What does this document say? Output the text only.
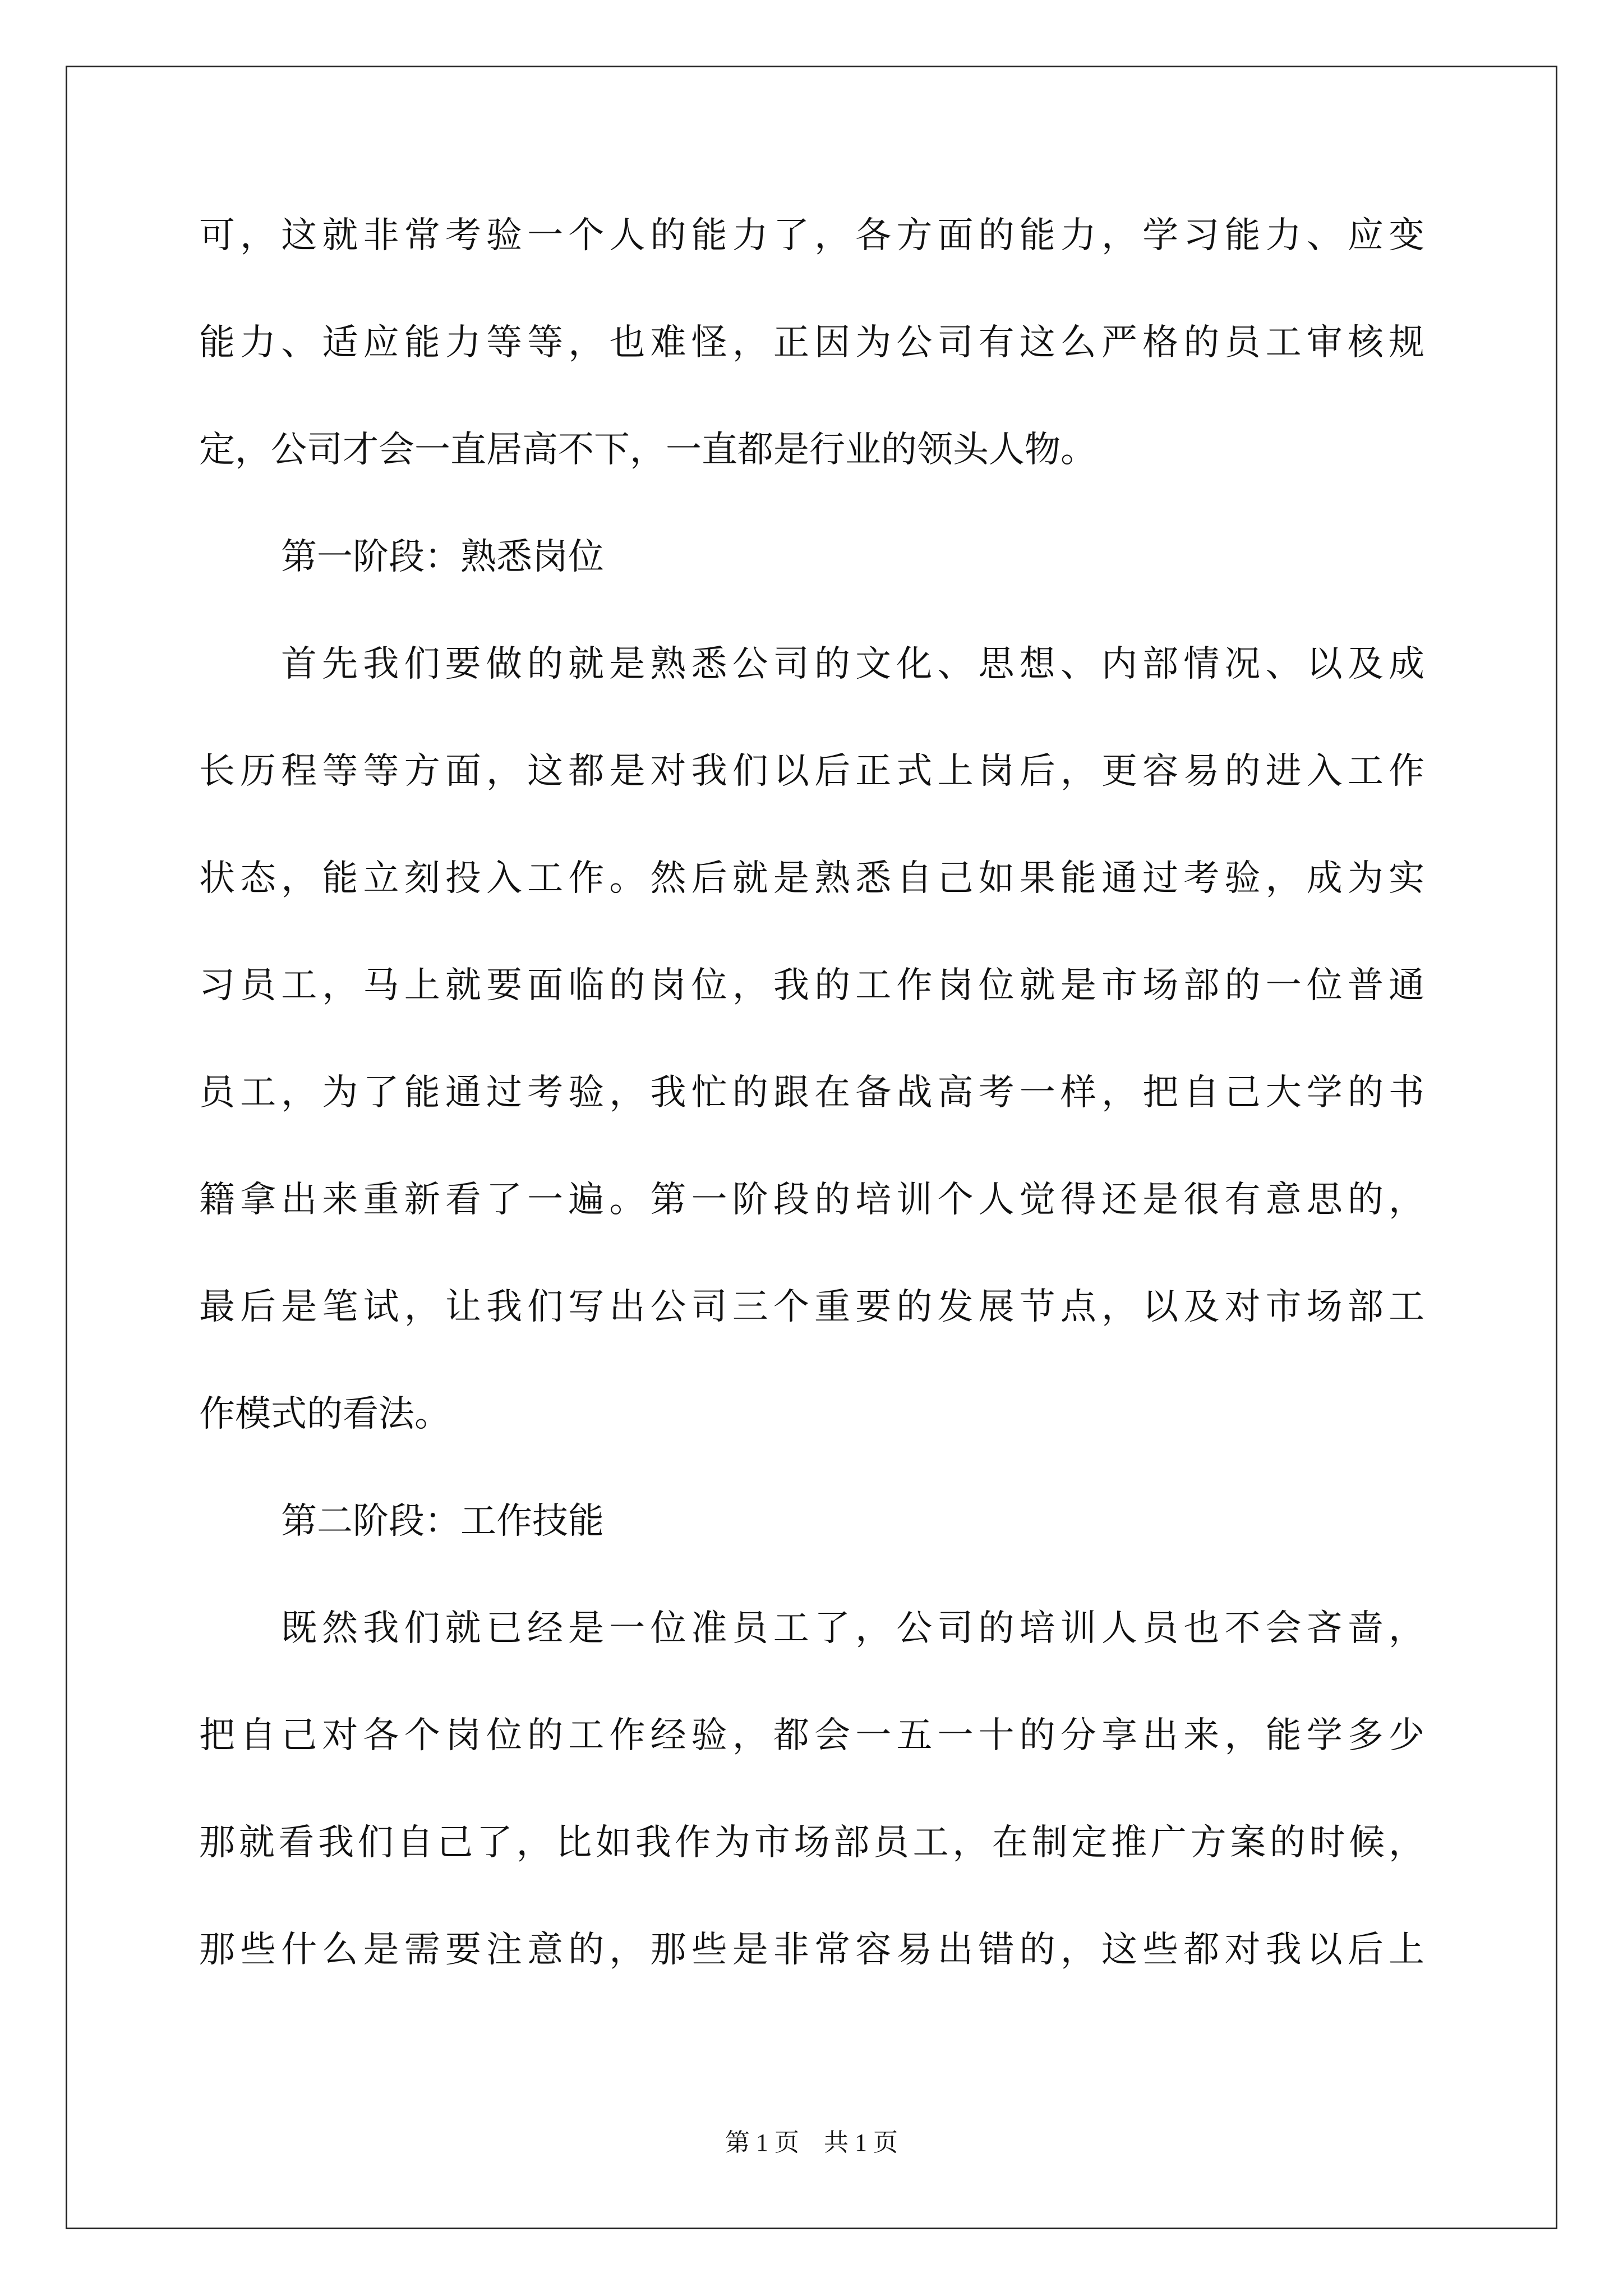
可，这就非常考验一个人的能力了，各方面的能力，学习能力、应变
能力、适应能力等等，也难怪，正因为公司有这么严格的员工审核规
定，公司才会一直居高不下，一直都是行业的领头人物。
第一阶段：熟悉岗位
首先我们要做的就是熟悉公司的文化、思想、内部情况、以及成
长历程等等方面，这都是对我们以后正式上岗后，更容易的进入工作
状态，能立刻投入工作。然后就是熟悉自己如果能通过考验，成为实
习员工，马上就要面临的岗位，我的工作岗位就是市场部的一位普通
员工，为了能通过考验，我忙的跟在备战高考一样，把自己大学的书
籍拿出来重新看了一遍。第一阶段的培训个人觉得还是很有意思的，
最后是笔试，让我们写出公司三个重要的发展节点，以及对市场部工
作模式的看法。
第二阶段：工作技能
既然我们就已经是一位准员工了，公司的培训人员也不会吝啬，
把自己对各个岗位的工作经验，都会一五一十的分享出来，能学多少
那就看我们自己了，比如我作为市场部员工，在制定推广方案的时候，
那些什么是需要注意的，那些是非常容易出错的，这些都对我以后上
第 1 页    共 1 页
